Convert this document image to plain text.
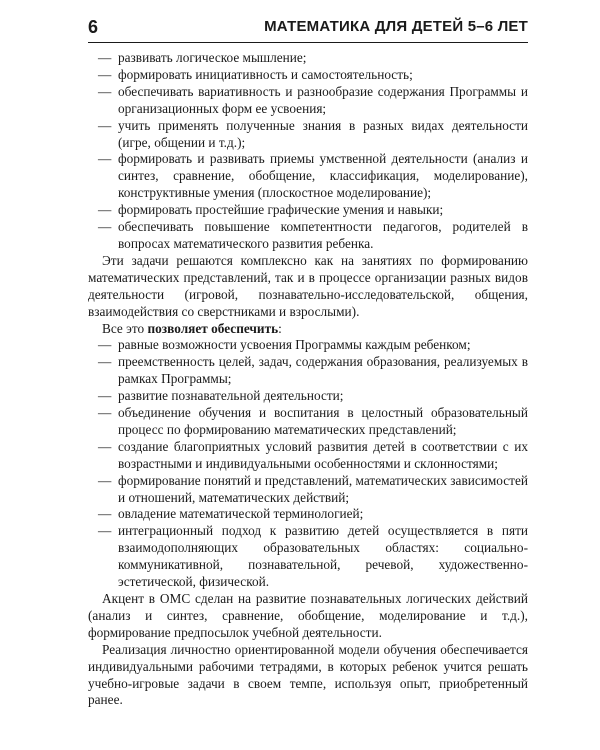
6	МАТЕМАТИКА ДЛЯ ДЕТЕЙ 5–6 ЛЕТ
— развивать логическое мышление;
— формировать инициативность и самостоятельность;
— обеспечивать вариативность и разнообразие содержания Программы и организационных форм ее усвоения;
— учить применять полученные знания в разных видах деятельности (игре, общении и т.д.);
— формировать и развивать приемы умственной деятельности (анализ и синтез, сравнение, обобщение, классификация, моделирование), конструктивные умения (плоскостное моделирование);
— формировать простейшие графические умения и навыки;
— обеспечивать повышение компетентности педагогов, родителей в вопросах математического развития ребенка.

Эти задачи решаются комплексно как на занятиях по формированию математических представлений, так и в процессе организации разных видов деятельности (игровой, познавательно-исследовательской, общения, взаимодействия со сверстниками и взрослыми).

Все это позволяет обеспечить:

— равные возможности усвоения Программы каждым ребенком;
— преемственность целей, задач, содержания образования, реализуемых в рамках Программы;
— развитие познавательной деятельности;
— объединение обучения и воспитания в целостный образовательный процесс по формированию математических представлений;
— создание благоприятных условий развития детей в соответствии с их возрастными и индивидуальными особенностями и склонностями;
— формирование понятий и представлений, математических зависимостей и отношений, математических действий;
— овладение математической терминологией;
— интеграционный подход к развитию детей осуществляется в пяти взаимодополняющих образовательных областях: социально-коммуникативной, познавательной, речевой, художественно-эстетической, физической.

Акцент в ОМС сделан на развитие познавательных логических действий (анализ и синтез, сравнение, обобщение, моделирование и т.д.), формирование предпосылок учебной деятельности.

Реализация личностно ориентированной модели обучения обеспечивается индивидуальными рабочими тетрадями, в которых ребенок учится решать учебно-игровые задачи в своем темпе, используя опыт, приобретенный ранее.
